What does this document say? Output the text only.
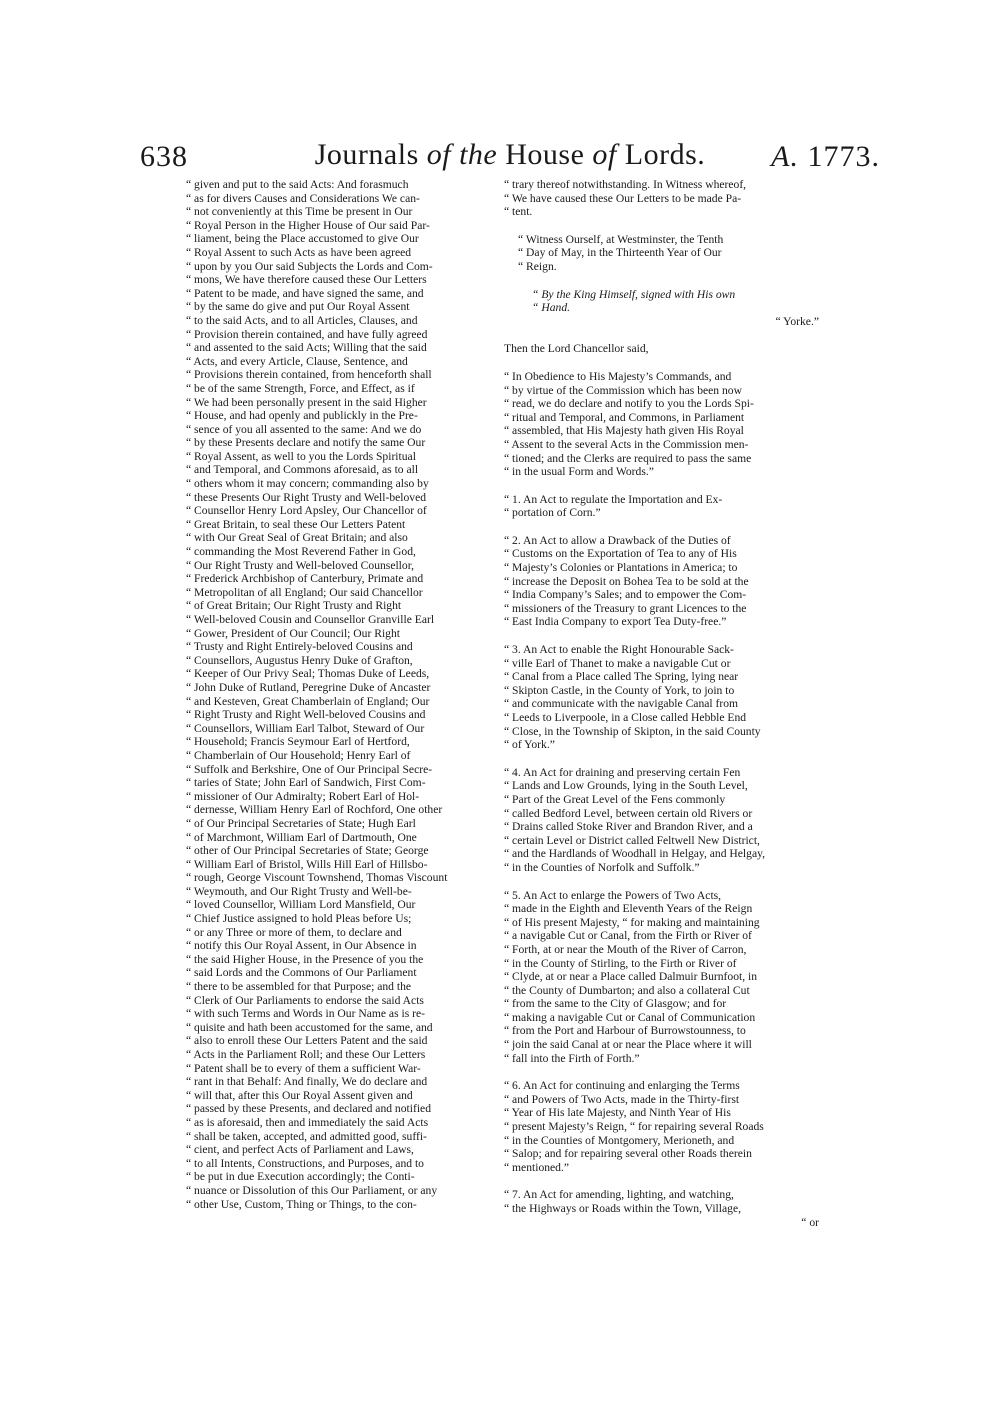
638	Journals of the House of Lords.	A. 1773.
“ given and put to the said Acts: And forasmuch
“ as for divers Causes and Considerations We can-
“ not conveniently at this Time be present in Our
“ Royal Person in the Higher House of Our said Par-
“ liament, being the Place accustomed to give Our
“ Royal Assent to such Acts as have been agreed
“ upon by you Our said Subjects the Lords and Com-
“ mons, We have therefore caused these Our Letters
“ Patent to be made, and have signed the same, and
“ by the same do give and put Our Royal Assent
“ to the said Acts, and to all Articles, Clauses, and
“ Provision therein contained, and have fully agreed
“ and assented to the said Acts; Willing that the said
“ Acts, and every Article, Clause, Sentence, and
“ Provisions therein contained, from henceforth shall
“ be of the same Strength, Force, and Effect, as if
“ We had been personally present in the said Higher
“ House, and had openly and publickly in the Pre-
“ sence of you all assented to the same: And we do
“ by these Presents declare and notify the same Our
“ Royal Assent, as well to you the Lords Spiritual
“ and Temporal, and Commons aforesaid, as to all
“ others whom it may concern; commanding also by
“ these Presents Our Right Trusty and Well-beloved
“ Counsellor Henry Lord Apsley, Our Chancellor of
“ Great Britain, to seal these Our Letters Patent
“ with Our Great Seal of Great Britain; and also
“ commanding the Most Reverend Father in God,
“ Our Right Trusty and Well-beloved Counsellor,
“ Frederick Archbishop of Canterbury, Primate and
“ Metropolitan of all England; Our said Chancellor
“ of Great Britain; Our Right Trusty and Right
“ Well-beloved Cousin and Counsellor Granville Earl
“ Gower, President of Our Council; Our Right
“ Trusty and Right Entirely-beloved Cousins and
“ Counsellors, Augustus Henry Duke of Grafton,
“ Keeper of Our Privy Seal; Thomas Duke of Leeds,
“ John Duke of Rutland, Peregrine Duke of Ancaster
“ and Kesteven, Great Chamberlain of England; Our
“ Right Trusty and Right Well-beloved Cousins and
“ Counsellors, William Earl Talbot, Steward of Our
“ Household; Francis Seymour Earl of Hertford,
“ Chamberlain of Our Household; Henry Earl of
“ Suffolk and Berkshire, One of Our Principal Secre-
“ taries of State; John Earl of Sandwich, First Com-
“ missioner of Our Admiralty; Robert Earl of Hol-
“ dernesse, William Henry Earl of Rochford, One other
“ of Our Principal Secretaries of State; Hugh Earl
“ of Marchmont, William Earl of Dartmouth, One
“ other of Our Principal Secretaries of State; George
“ William Earl of Bristol, Wills Hill Earl of Hillsbo-
“ rough, George Viscount Townshend, Thomas Viscount
“ Weymouth, and Our Right Trusty and Well-be-
“ loved Counsellor, William Lord Mansfield, Our
“ Chief Justice assigned to hold Pleas before Us;
“ or any Three or more of them, to declare and
“ notify this Our Royal Assent, in Our Absence in
“ the said Higher House, in the Presence of you the
“ said Lords and the Commons of Our Parliament
“ there to be assembled for that Purpose; and the
“ Clerk of Our Parliaments to endorse the said Acts
“ with such Terms and Words in Our Name as is re-
“ quisite and hath been accustomed for the same, and
“ also to enroll these Our Letters Patent and the said
“ Acts in the Parliament Roll; and these Our Letters
“ Patent shall be to every of them a sufficient War-
“ rant in that Behalf: And finally, We do declare and
“ will that, after this Our Royal Assent given and
“ passed by these Presents, and declared and notified
“ as is aforesaid, then and immediately the said Acts
“ shall be taken, accepted, and admitted good, suffi-
“ cient, and perfect Acts of Parliament and Laws,
“ to all Intents, Constructions, and Purposes, and to
“ be put in due Execution accordingly; the Conti-
“ nuance or Dissolution of this Our Parliament, or any
“ other Use, Custom, Thing or Things, to the con-
“ trary thereof notwithstanding. In Witness whereof,
“ We have caused these Our Letters to be made Pa-
“ tent.
“ Witness Ourself, at Westminster, the Tenth
“ Day of May, in the Thirteenth Year of Our
“ Reign.
“ By the King Himself, signed with His own
“ Hand.
“ Yorke.”
Then the Lord Chancellor said,
“ In Obedience to His Majesty’s Commands, and
“ by virtue of the Commission which has been now
“ read, we do declare and notify to you the Lords Spi-
“ ritual and Temporal, and Commons, in Parliament
“ assembled, that His Majesty hath given His Royal
“ Assent to the several Acts in the Commission men-
“ tioned; and the Clerks are required to pass the same
“ in the usual Form and Words.”
“ 1. An Act to regulate the Importation and Ex-
“ portation of Corn.”
“ 2. An Act to allow a Drawback of the Duties of
“ Customs on the Exportation of Tea to any of His
“ Majesty’s Colonies or Plantations in America; to
“ increase the Deposit on Bohea Tea to be sold at the
“ India Company’s Sales; and to empower the Com-
“ missioners of the Treasury to grant Licences to the
“ East India Company to export Tea Duty-free.”
“ 3. An Act to enable the Right Honourable Sack-
“ ville Earl of Thanet to make a navigable Cut or
“ Canal from a Place called The Spring, lying near
“ Skipton Castle, in the County of York, to join to
“ and communicate with the navigable Canal from
“ Leeds to Liverpoole, in a Close called Hebble End
“ Close, in the Township of Skipton, in the said County
“ of York.”
“ 4. An Act for draining and preserving certain Fen
“ Lands and Low Grounds, lying in the South Level,
“ Part of the Great Level of the Fens commonly
“ called Bedford Level, between certain old Rivers or
“ Drains called Stoke River and Brandon River, and a
“ certain Level or District called Feltwell New District,
“ and the Hardlands of Woodhall in Helgay, and Helgay,
“ in the Counties of Norfolk and Suffolk.”
“ 5. An Act to enlarge the Powers of Two Acts,
“ made in the Eighth and Eleventh Years of the Reign
“ of His present Majesty, “ for making and maintaining
“ a navigable Cut or Canal, from the Firth or River of
“ Forth, at or near the Mouth of the River of Carron,
“ in the County of Stirling, to the Firth or River of
“ Clyde, at or near a Place called Dalmuir Burnfoot, in
“ the County of Dumbarton; and also a collateral Cut
“ from the same to the City of Glasgow; and for
“ making a navigable Cut or Canal of Communication
“ from the Port and Harbour of Burrowstounness, to
“ join the said Canal at or near the Place where it will
“ fall into the Firth of Forth.”
“ 6. An Act for continuing and enlarging the Terms
“ and Powers of Two Acts, made in the Thirty-first
“ Year of His late Majesty, and Ninth Year of His
“ present Majesty’s Reign, “ for repairing several Roads
“ in the Counties of Montgomery, Merioneth, and
“ Salop; and for repairing several other Roads therein
“ mentioned.”
“ 7. An Act for amending, lighting, and watching,
“ the Highways or Roads within the Town, Village,
“ or
